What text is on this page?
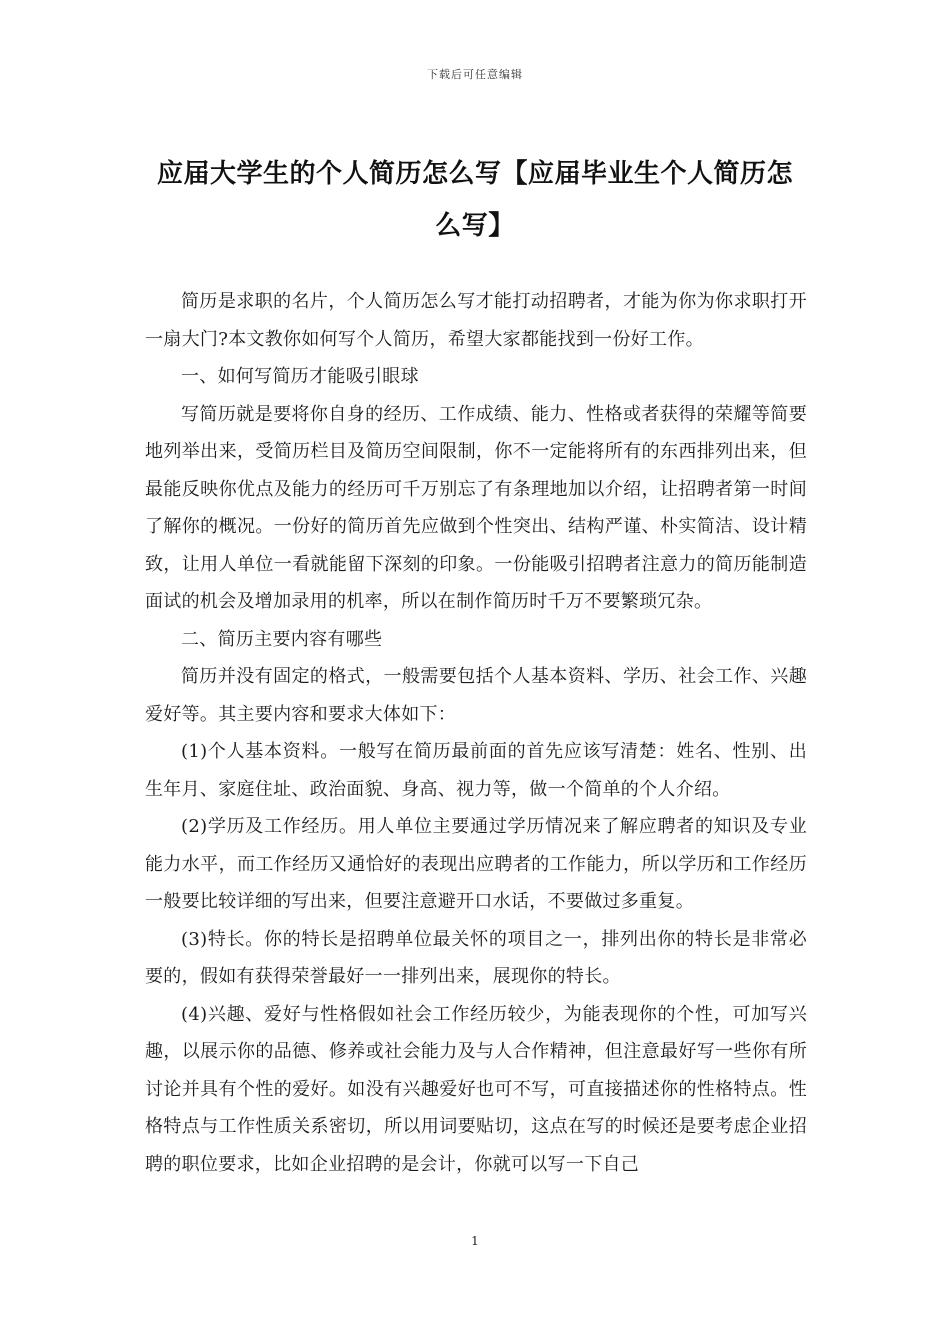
下载后可任意编辑
应届大学生的个人简历怎么写【应届毕业生个人简历怎么写】

简历是求职的名片，个人简历怎么写才能打动招聘者，才能为你为你求职打开一扇大门?本文教你如何写个人简历，希望大家都能找到一份好工作。

一、如何写简历才能吸引眼球

写简历就是要将你自身的经历、工作成绩、能力、性格或者获得的荣耀等简要地列举出来，受简历栏目及简历空间限制，你不一定能将所有的东西排列出来，但最能反映你优点及能力的经历可千万别忘了有条理地加以介绍，让招聘者第一时间了解你的概况。一份好的简历首先应做到个性突出、结构严谨、朴实简洁、设计精致，让用人单位一看就能留下深刻的印象。一份能吸引招聘者注意力的简历能制造面试的机会及增加录用的机率，所以在制作简历时千万不要繁琐冗杂。

二、简历主要内容有哪些

简历并没有固定的格式，一般需要包括个人基本资料、学历、社会工作、兴趣爱好等。其主要内容和要求大体如下：

(1)个人基本资料。一般写在简历最前面的首先应该写清楚：姓名、性别、出生年月、家庭住址、政治面貌、身高、视力等，做一个简单的个人介绍。

(2)学历及工作经历。用人单位主要通过学历情况来了解应聘者的知识及专业能力水平，而工作经历又通恰好的表现出应聘者的工作能力，所以学历和工作经历一般要比较详细的写出来，但要注意避开口水话，不要做过多重复。

(3)特长。你的特长是招聘单位最关怀的项目之一，排列出你的特长是非常必要的，假如有获得荣誉最好一一排列出来，展现你的特长。

(4)兴趣、爱好与性格假如社会工作经历较少，为能表现你的个性，可加写兴趣，以展示你的品德、修养或社会能力及与人合作精神，但注意最好写一些你有所讨论并具有个性的爱好。如没有兴趣爱好也可不写，可直接描述你的性格特点。性格特点与工作性质关系密切，所以用词要贴切，这点在写的时候还是要考虑企业招聘的职位要求，比如企业招聘的是会计，你就可以写一下自己

1
